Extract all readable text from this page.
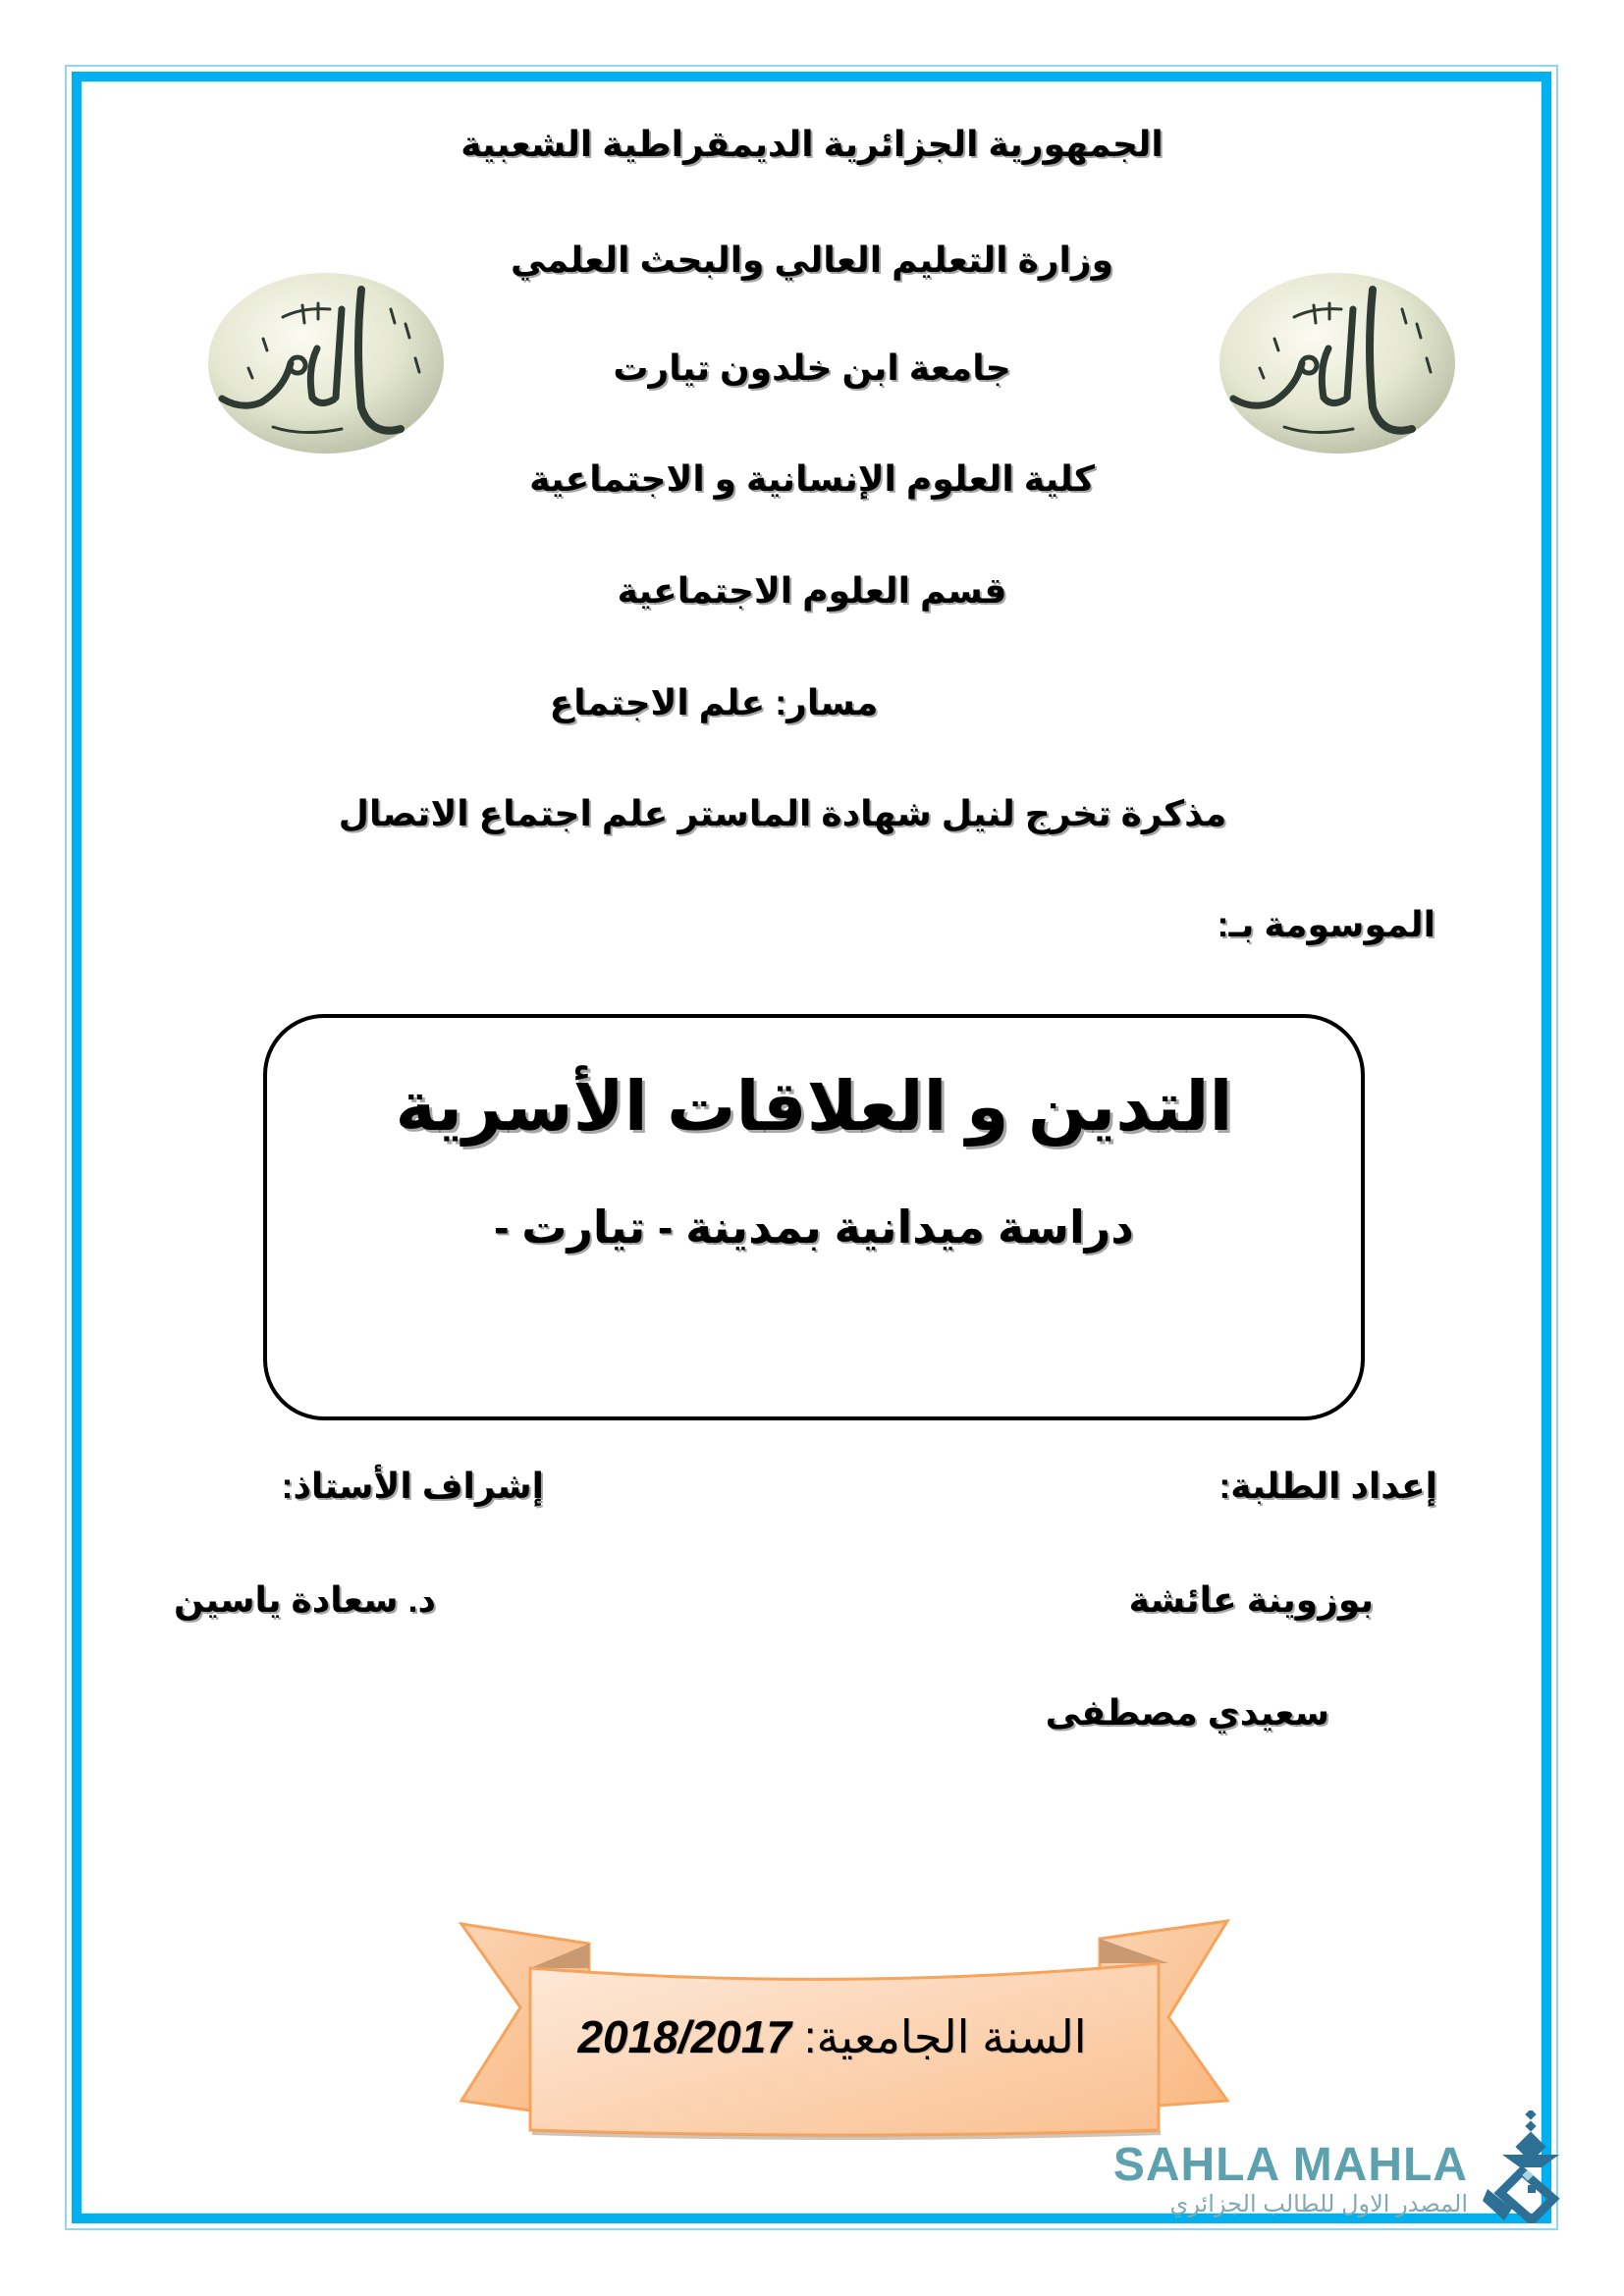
الجمهورية الجزائرية الديمقراطية الشعبية
وزارة التعليم العالي والبحث العلمي
جامعة ابن خلدون تيارت
كلية العلوم الإنسانية و الاجتماعية
قسم العلوم الاجتماعية
مسار: علم الاجتماع
مذكرة تخرج لنيل شهادة الماستر علم اجتماع الاتصال
الموسومة بـ:
التدين و العلاقات الأسرية
دراسة ميدانية بمدينة - تيارت -
إعداد الطلبة:
إشراف الأستاذ:
بوزوينة عائشة
د. سعادة ياسين
سعيدي مصطفى
السنة الجامعية: 2018/2017
SAHLA MAHLA
المصدر الاول للطالب الجزائري
